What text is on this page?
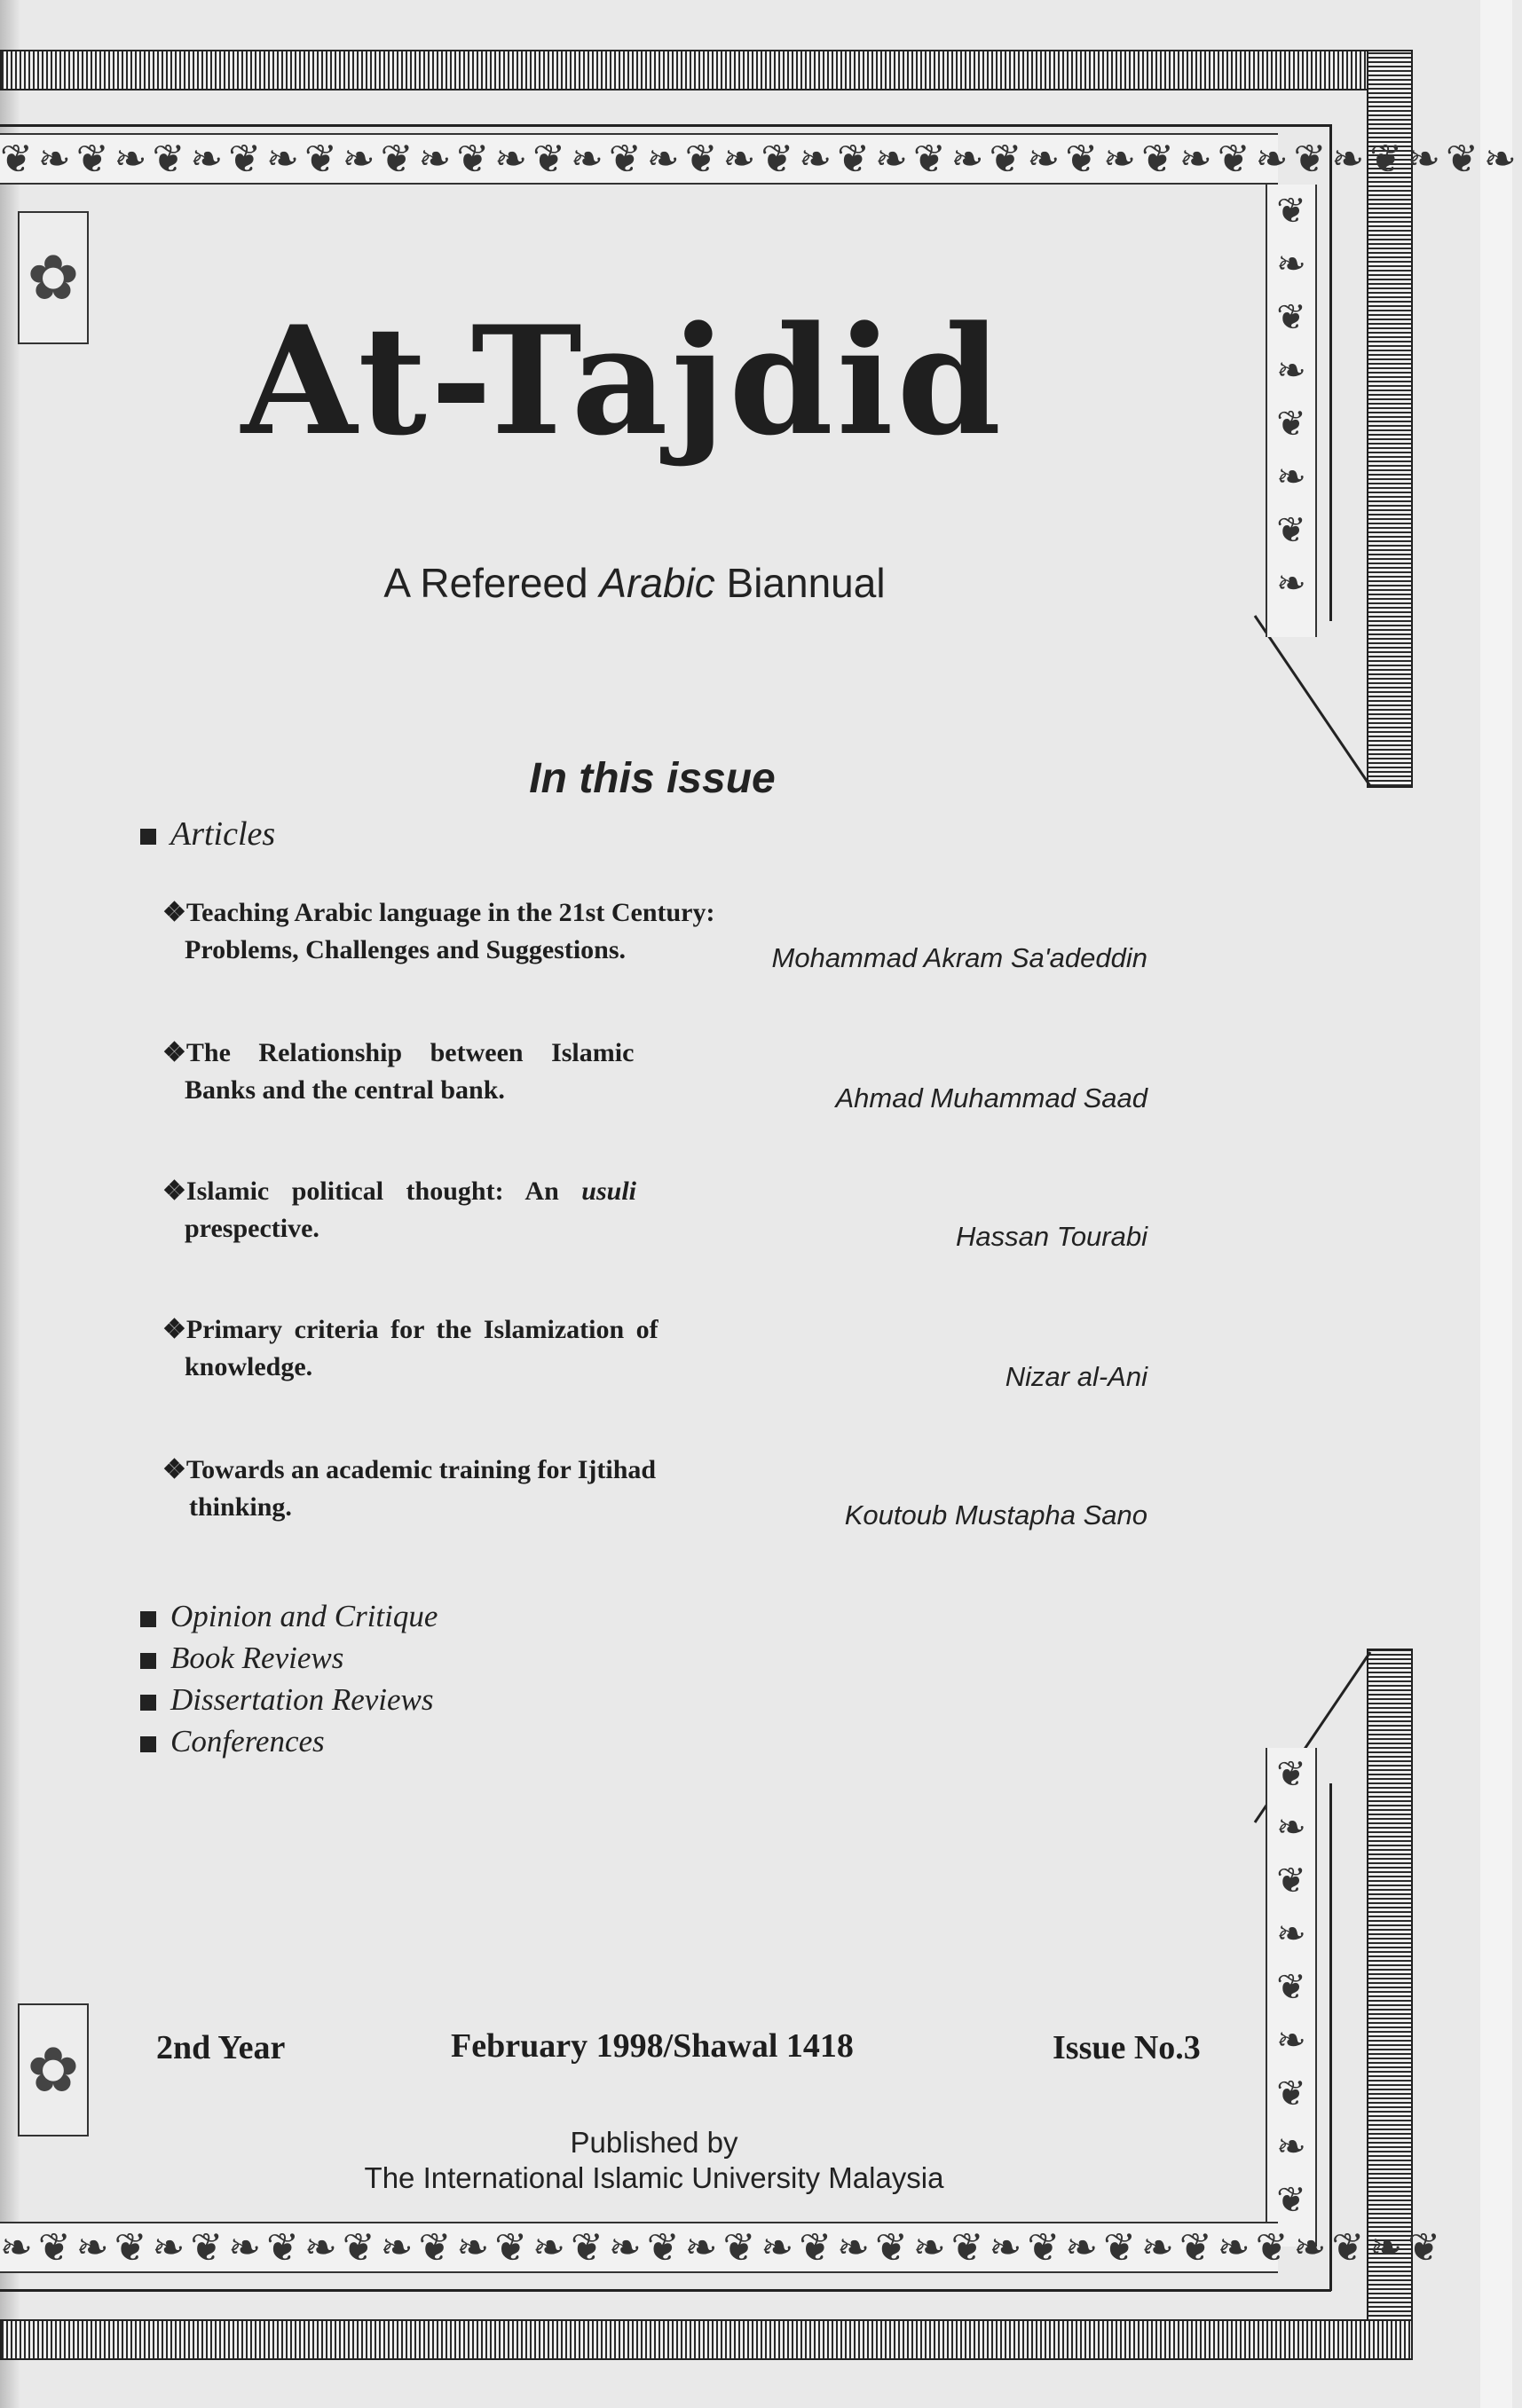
❦❧❦❧❦❧❦❧❦❧❦❧❦❧❦❧❦❧❦❧❦❧❦❧❦❧❦❧❦❧❦❧❦❧❦❧❦❧❦❧
❦
❧
❦
❧
❦
❧
❦
❧
❦
❧
❦
❧
❦
❧
❦
❧
❦
❧❦❧❦❧❦❧❦❧❦❧❦❧❦❧❦❧❦❧❦❧❦❧❦❧❦❧❦❧❦❧❦❧❦❧❦❧❦
✿
✿
At-Tajdid
A Refereed Arabic Biannual
In this issue
Articles
❖Teaching Arabic language in the 21st Century:
Problems, Challenges and Suggestions.	Mohammad Akram Sa'adeddin
❖The Relationship between Islamic
Banks and the central bank.	Ahmad Muhammad Saad
❖Islamic political thought: An usuli
prespective.	Hassan Tourabi
❖Primary criteria for the Islamization of
knowledge.	Nizar al-Ani
❖Towards an academic training for Ijtihad
thinking.	Koutoub Mustapha Sano
Opinion and Critique
Book Reviews
Dissertation Reviews
Conferences
2nd Year	February 1998/Shawal 1418	Issue No.3
Published by
The International Islamic University Malaysia
